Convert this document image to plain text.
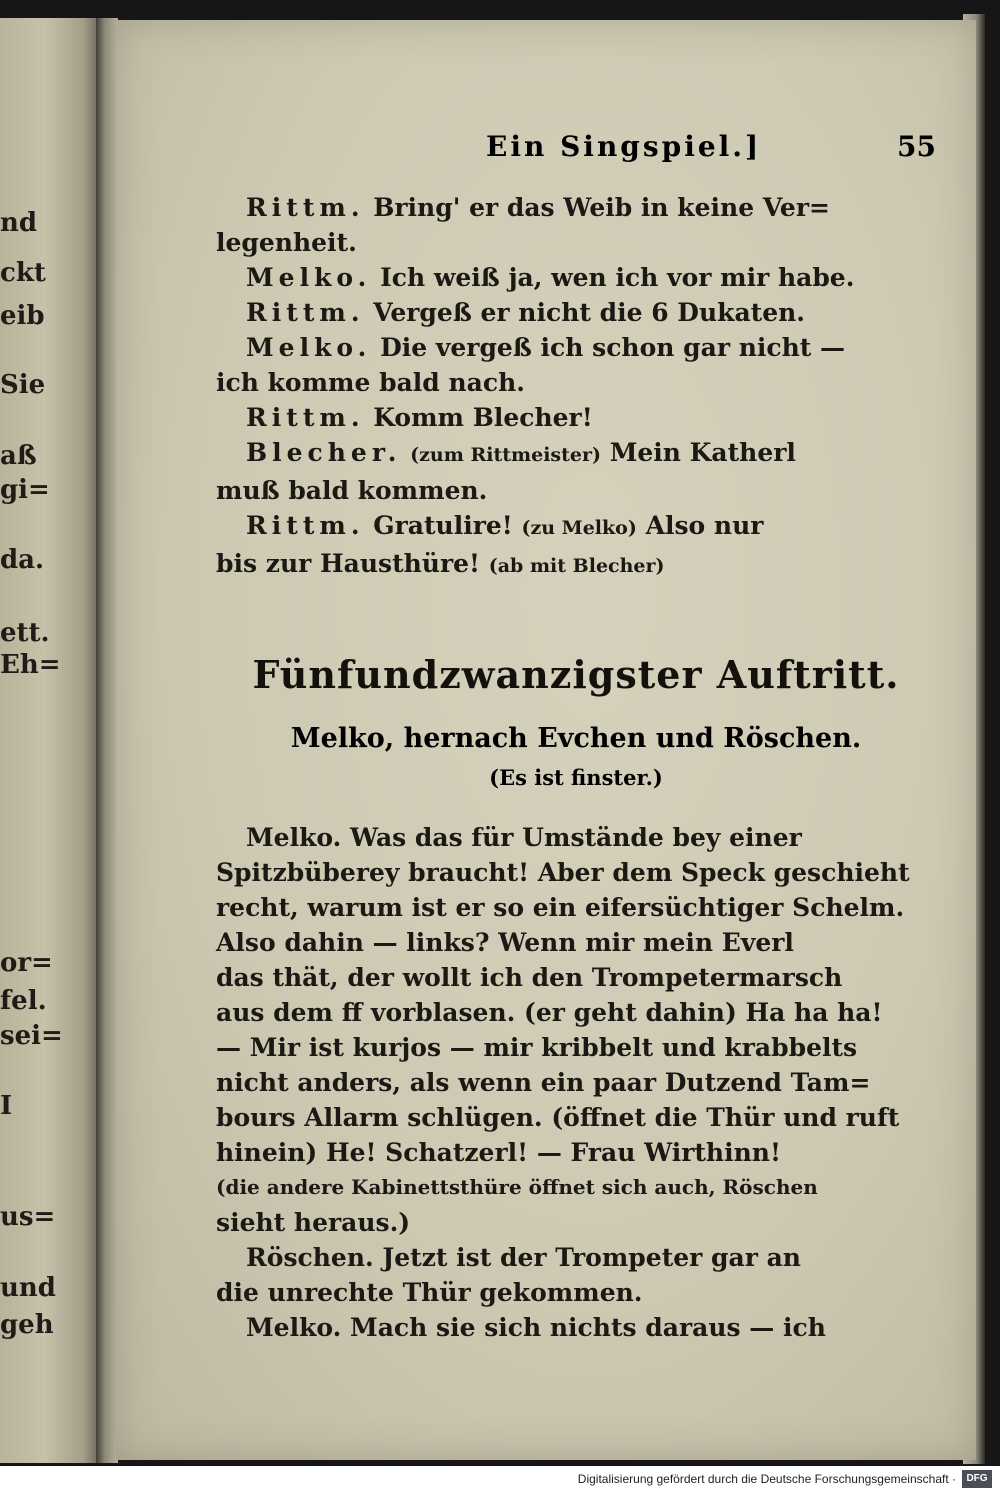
nd
ckt
eib
Sie
aß
gi=
da.
ett.
Eh=
or=
fel.
sei=
I
us=
und
geh
Ein Singspiel.]	55
Rittm. Bring' er das Weib in keine Ver=
legenheit.
Melko. Ich weiß ja, wen ich vor mir habe.
Rittm. Vergeß er nicht die 6 Dukaten.
Melko. Die vergeß ich schon gar nicht —
ich komme bald nach.
Rittm. Komm Blecher!
Blecher. (zum Rittmeister) Mein Katherl
muß bald kommen.
Rittm. Gratulire! (zu Melko) Also nur
bis zur Hausthüre! (ab mit Blecher)
Fünfundzwanzigster Auftritt.
Melko, hernach Evchen und Röschen.
(Es ist finster.)
Melko. Was das für Umstände bey einer
Spitzbüberey braucht! Aber dem Speck geschieht
recht, warum ist er so ein eifersüchtiger Schelm.
Also dahin — links? Wenn mir mein Everl
das thät, der wollt ich den Trompetermarsch
aus dem ff vorblasen. (er geht dahin) Ha ha ha!
— Mir ist kurjos — mir kribbelt und krabbelts
nicht anders, als wenn ein paar Dutzend Tam=
bours Allarm schlügen. (öffnet die Thür und ruft
hinein) He! Schatzerl! — Frau Wirthinn!
(die andere Kabinettsthüre öffnet sich auch, Röschen
sieht heraus.)
Röschen. Jetzt ist der Trompeter gar an
die unrechte Thür gekommen.
Melko. Mach sie sich nichts daraus — ich
Digitalisierung gefördert durch die Deutsche Forschungsgemeinschaft ·	DFG
